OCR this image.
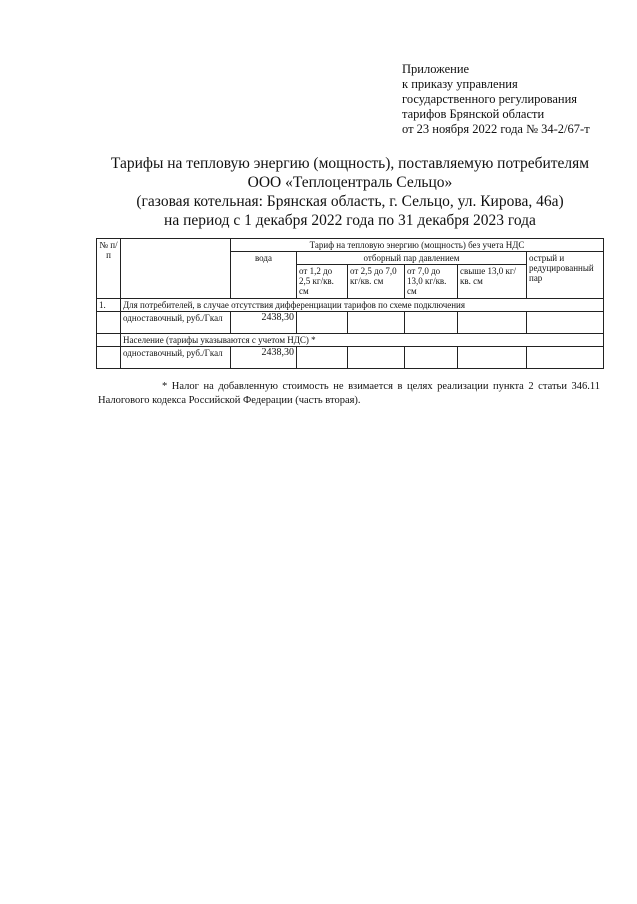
Приложение
к приказу управления
государственного регулирования
тарифов Брянской области
от 23 ноября 2022 года № 34-2/67-т
Тарифы на тепловую энергию (мощность), поставляемую потребителям
ООО «Теплоцентраль Сельцо»
(газовая котельная: Брянская область, г. Сельцо, ул. Кирова, 46а)
на период с 1 декабря 2022 года по 31 декабря 2023 года
№ п/п		Тариф на тепловую энергию (мощность) без учета НДС					
		вода	отборный пар давлением				острый и редуцированный пар
			от 1,2 до 2,5 кг/кв. см	от 2,5 до 7,0 кг/кв. см	от 7,0 до 13,0 кг/кв. см	свыше 13,0 кг/кв. см	
1.	Для потребителей, в случае отсутствия дифференциации тарифов по схеме подключения						
	одноставочный, руб./Гкал	2438,30					
	Население (тарифы указываются с учетом НДС) *						
	одноставочный, руб./Гкал	2438,30					
* Налог на добавленную стоимость не взимается в целях реализации пункта 2 статьи 346.11 Налогового кодекса Российской Федерации (часть вторая).
